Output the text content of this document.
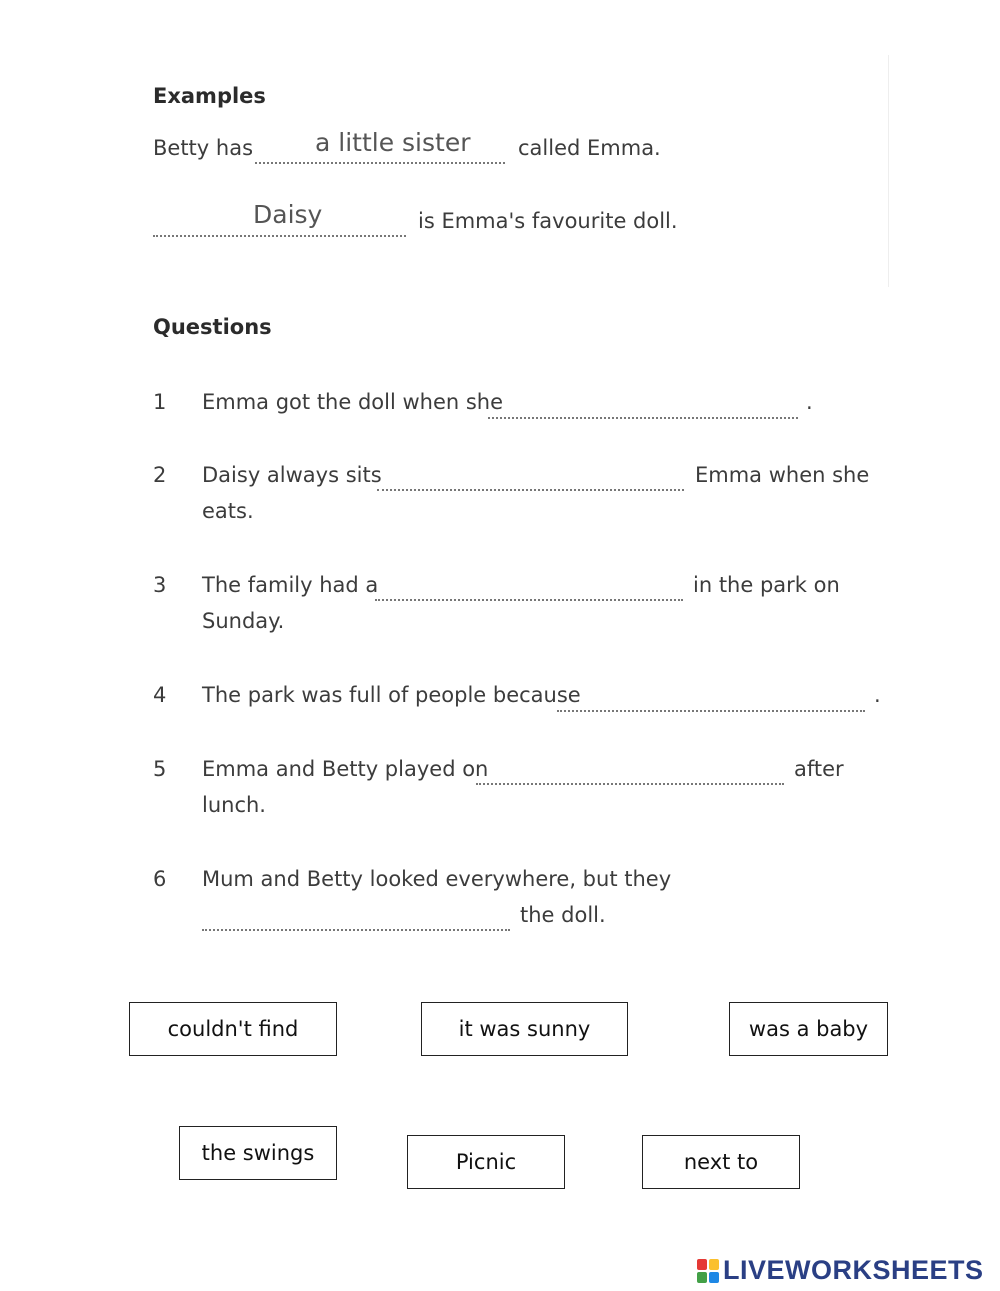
Examples
Betty has a little sister called Emma.
Daisy	is Emma's favourite doll.
Questions
1 Emma got the doll when she	.
2 Daisy always sits	Emma when she
eats.
3 The family had a	in the park on
Sunday.
4 The park was full of people because	.
5 Emma and Betty played on	after
lunch.
6 Mum and Betty looked everywhere, but they
the doll.
couldn't find	it was sunny	was a baby
the swings	Picnic	next to
LIVEWORKSHEETS
